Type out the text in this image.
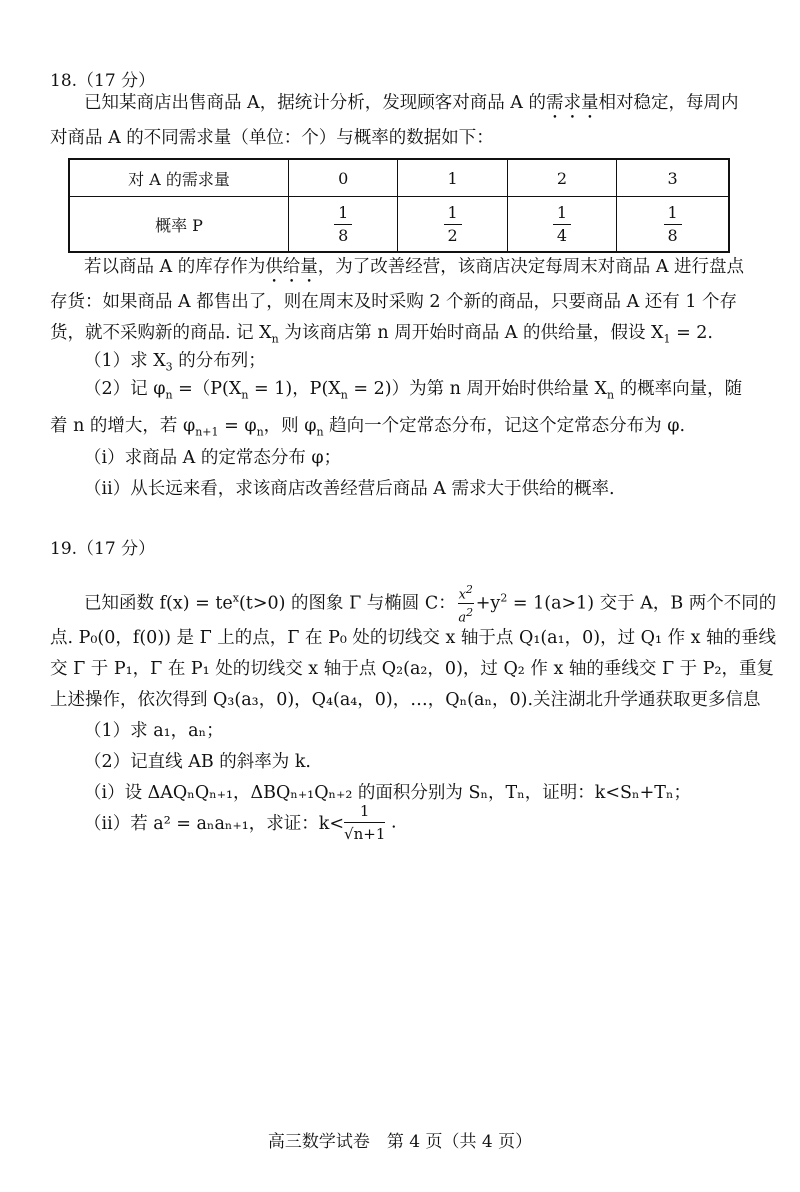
18.（17 分）

已知某商店出售商品 A，据统计分析，发现顾客对商品 A 的需求量相对稳定，每周内对商品 A 的不同需求量（单位：个）与概率的数据如下：

对 A 的需求量	0	1	2	3
概率 P	$\frac{1}{8}$	$\frac{1}{2}$	$\frac{1}{4}$	$\frac{1}{8}$

若以商品 A 的库存作为供给量，为了改善经营，该商店决定每周末对商品 A 进行盘点存货：如果商品 A 都售出了，则在周末及时采购 2 个新的商品，只要商品 A 还有 1 个存货，就不采购新的商品. 记 $X_n$ 为该商店第 n 周开始时商品 A 的供给量，假设 $X_1 = 2$.

（1）求 $X_3$ 的分布列；

（2）记 $\varphi_n =(P(X_n = 1)$，$P(X_n = 2)$）为第 n 周开始时供给量 $X_n$ 的概率向量，随着 n 的增大，若 $\varphi_{n+1} = \varphi_n$，则 $\varphi_n$ 趋向一个定常态分布，记这个定常态分布为 φ.

（ⅰ）求商品 A 的定常态分布 φ；
（ⅱ）从长远来看，求该商店改善经营后商品 A 需求大于供给的概率.
19.（17 分）
已知函数 $f(x) = te^x(t>0)$ 的图象 Γ 与椭圆 C： $\frac{x^2}{a^2} +y^2 = 1(a>1)$ 交于 A，B 两个不同的
点. P₀(0，f(0)) 是 Γ 上的点，Γ 在 P₀ 处的切线交 x 轴于点 Q₁(a₁，0)，过 Q₁ 作 x 轴的垂线
交 Γ 于 P₁，Γ 在 P₁ 处的切线交 x 轴于点 Q₂(a₂，0)，过 Q₂ 作 x 轴的垂线交 Γ 于 P₂，重复
上述操作，依次得到 Q₃(a₃，0)，Q₄(a₄，0)，…，Qₙ(aₙ，0).关注湖北升学通获取更多信息
（1）求 a₁，aₙ；
（2）记直线 AB 的斜率为 k.
（ⅰ）设 ΔAQₙQₙ₊₁，ΔBQₙ₊₁Qₙ₊₂ 的面积分别为 Sₙ，Tₙ，证明：k<Sₙ+Tₙ；
（ⅱ）若 a² = aₙaₙ₊₁，求证：$k< \frac{1}{√n+1}$ .
高三数学试卷　第 4 页（共 4 页）
